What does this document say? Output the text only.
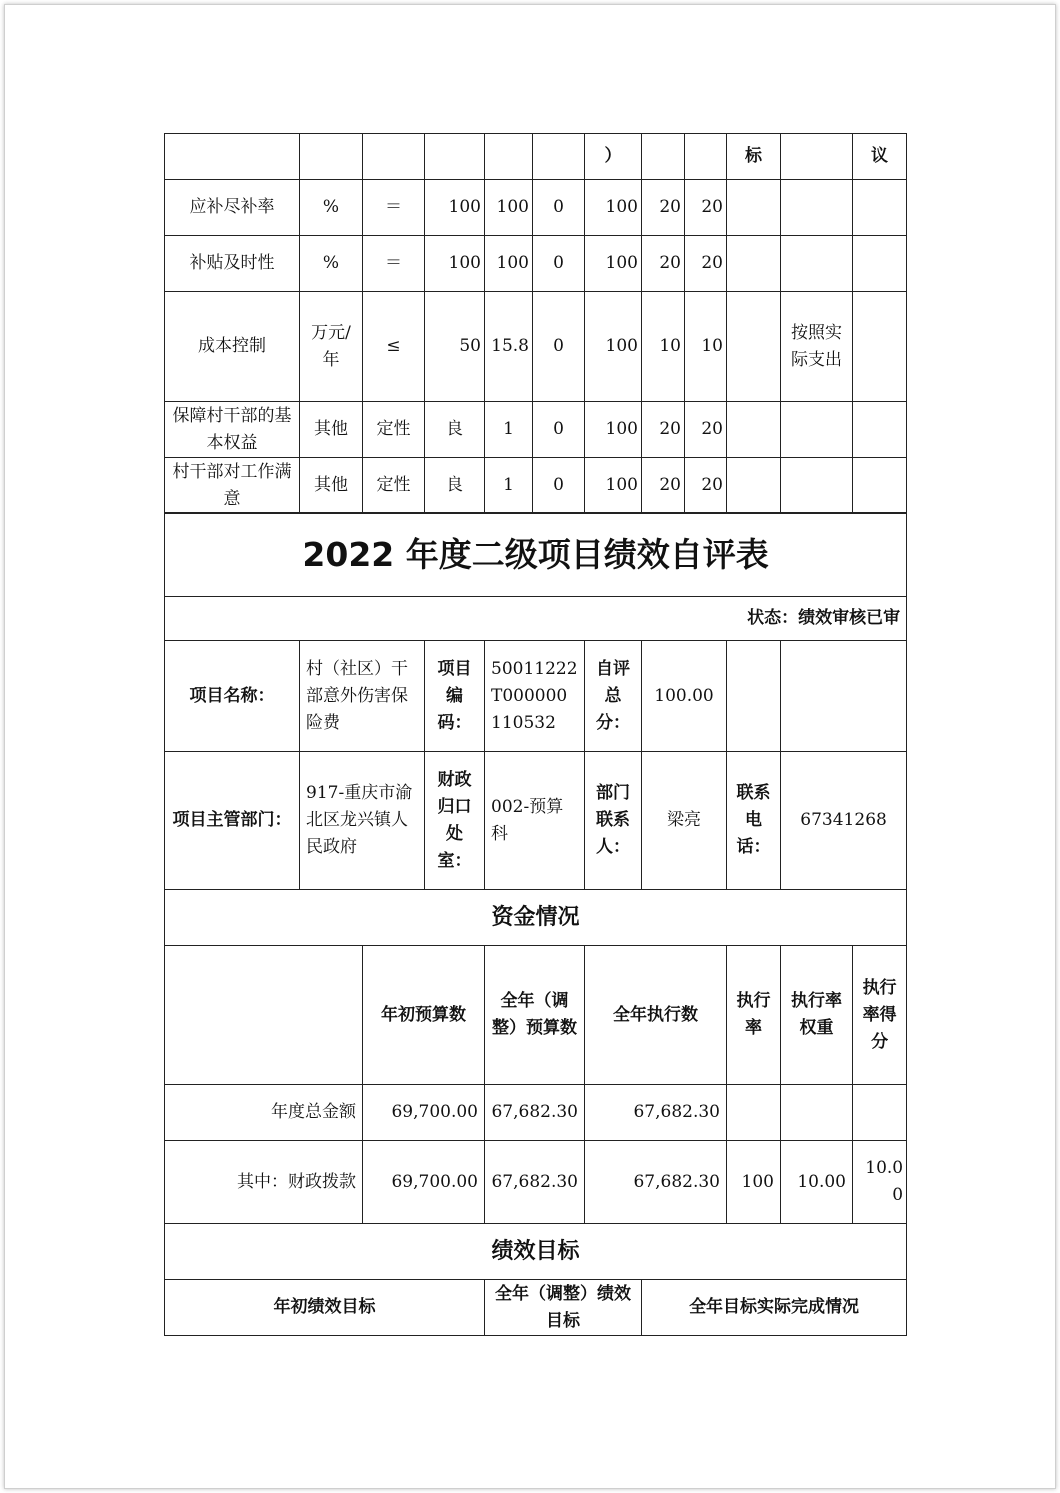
						）			标		议
应补尽补率	%	＝	100	100	0	100	20	20			
补贴及时性	%	＝	100	100	0	100	20	20			
成本控制	万元/年	≤	50	15.8	0	100	10	10		按照实际支出	
保障村干部的基本权益	其他	定性	良	1	0	100	20	20			
村干部对工作满意	其他	定性	良	1	0	100	20	20			
2022 年度二级项目绩效自评表									
状态：绩效审核已审									
项目名称：	村（社区）干部意外伤害保险费		项目编码：	50011222T000000110532	自评总分：	100.00			
项目主管部门：	917-重庆市渝北区龙兴镇人民政府		财政归口处室：	002-预算科	部门联系人：	梁亮	联系电话：	67341268	
资金情况									
		年初预算数		全年（调整）预算数	全年执行数		执行率	执行率权重	执行率得分
年度总金额		69,700.00		67,682.30	67,682.30				
其中：财政拨款		69,700.00		67,682.30	67,682.30		100	10.00	10.00
绩效目标									
年初绩效目标				全年（调整）绩效目标		全年目标实际完成情况			
